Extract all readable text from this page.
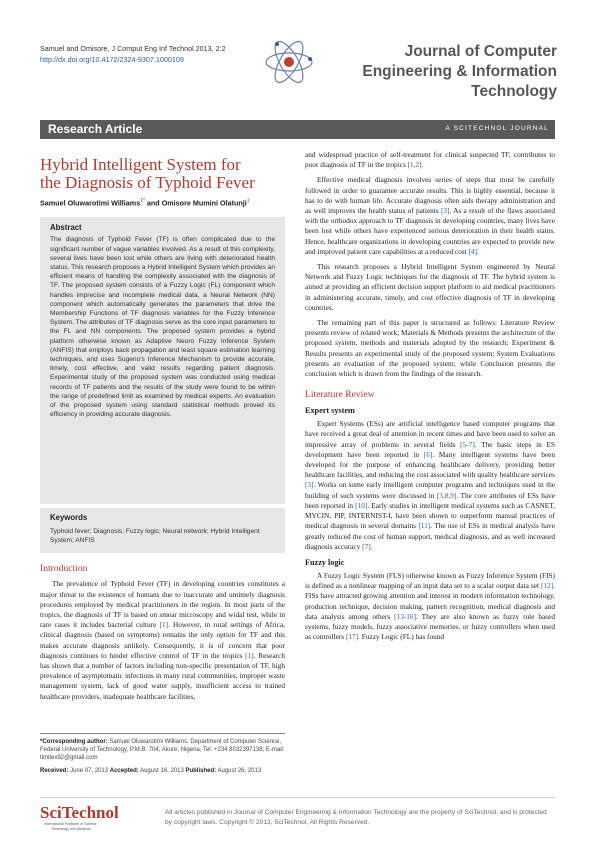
Samuel and Omisore, J Comput Eng Inf Technol 2013, 2:2
http://dx.doi.org/10.4172/2324-9307.1000109	Journal of Computer
Engineering & Information
Technology
Research Article	A SCITECHNOL JOURNAL
Hybrid Intelligent System for
the Diagnosis of Typhoid Fever
Samuel Oluwarotimi Williams$^{1*}$ and Omisore Mumini Olatunji$^1$
Abstract

The diagnosis of Typhoid Fever (TF) is often complicated due to the significant number of vague variables involved. As a result of this complexity, several lives have been lost while others are living with deteriorated health status. This research proposes a Hybrid Intelligent System which provides an efficient means of handling the complexity associated with the diagnosis of TF. The proposed system consists of a Fuzzy Logic (FL) component which handles imprecise and incomplete medical data, a Neural Network (NN) component which automatically generates the parameters that drive the Membership Functions of TF diagnosis variables for the Fuzzy Inference System. The attributes of TF diagnosis serve as the core input parameters to the FL and NN components. The proposed system provides a hybrid platform otherwise known as Adaptive Neuro Fuzzy Inference System (ANFIS) that employs back propagation and least square estimation learning techniques, and uses Sugeno's Inference Mechanism to provide accurate, timely, cost effective, and valid results regarding patient diagnosis. Experimental study of the proposed system was conducted using medical records of TF patients and the results of the study were found to be within the range of predefined limit as examined by medical experts. An evaluation of the proposed system using standard statistical methods proved its efficiency in providing accurate diagnosis.

Keywords

Typhoid fever; Diagnosis; Fuzzy logic; Neural network; Hybrid Intelligent System; ANFIS

Introduction

The prevalence of Typhoid Fever (TF) in developing countries constitutes a major threat to the existence of humans due to inaccurate and untimely diagnosis procedures employed by medical practitioners in the region. In most parts of the tropics, the diagnosis of TF is based on smear microscopy and widal test, while in rare cases it includes bacterial culture [1]. However, in rural settings of Africa, clinical diagnosis (based on symptoms) remains the only option for TF and this makes accurate diagnosis unlikely. Consequently, it is of concern that poor diagnosis continues to hinder effective control of TF in the tropics [1]. Research has shown that a number of factors including non-specific presentation of TF, high prevalence of asymptomatic infections in many rural communities, improper waste management system, lack of good water supply, insufficient access to trained healthcare providers, inadequate healthcare facilities,

and widespread practice of self-treatment for clinical suspected TF, contributes to poor diagnosis of TF in the tropics [1,2].

Effective medical diagnosis involves series of steps that must be carefully followed in order to guarantee accurate results. This is highly essential, because it has to do with human life. Accurate diagnosis often aids therapy administration and as well improves the health status of patients [3]. As a result of the flaws associated with the orthodox approach to TF diagnosis in developing countries, many lives have been lost while others have experienced serious deterioration in their health status. Hence, healthcare organizations in developing countries are expected to provide new and improved patient care capabilities at a reduced cost [4].

This research proposes a Hybrid Intelligent System engineered by Neural Network and Fuzzy Logic techniques for the diagnosis of TF. The hybrid system is aimed at providing an efficient decision support platform to aid medical practitioners in administering accurate, timely, and cost effective diagnosis of TF in developing countries.

The remaining part of this paper is structured as follows: Literature Review presents review of related work; Materials & Methods presents the architecture of the proposed system, methods and materials adopted by the research; Experiment & Results presents an experimental study of the proposed system; System Evaluations presents an evaluation of the proposed system; while Conclusion presents the conclusion which is drawn from the findings of the research.

Literature Review
Expert system

Expert Systems (ESs) are artificial intelligence based computer programs that have received a great deal of attention in recent times and have been used to solve an impressive array of problems in several fields [5-7]. The basic steps in ES development have been reported in [6]. Many intelligent systems have been developed for the purpose of enhancing healthcare delivery, providing better healthcare facilities, and reducing the cost associated with quality healthcare services [3]. Works on some early intelligent computer programs and techniques used in the building of such systems were discussed in [3,8,9]. The core attributes of ESs have been reported in [10]. Early studies in intelligent medical systems such as CASNET, MYCIN, PIP, INTERNIST-I, have been shown to outperform manual practices of medical diagnosis in several domains [11]. The use of ESs in medical analysis have greatly reduced the cost of human support, medical diagnosis, and as well increased diagnosis accuracy [7].

Fuzzy logic

A Fuzzy Logic System (FLS) otherwise known as Fuzzy Inference System (FIS) is defined as a nonlinear mapping of an input data set to a scalar output data set [12]. FISs have attracted growing attention and interest in modern information technology, production technique, decision making, pattern recognition, medical diagnosis and data analysis among others [13-16]. They are also known as fuzzy rule based systems, fuzzy models, fuzzy associative memories, or fuzzy controllers when used as controllers [17]. Fuzzy Logic (FL) has found

*Corresponding author: Samuel Oluwarotimi Williams, Department of Computer Science, Federal University of Technology, P.M.B. 704, Akure, Nigeria, Tel: +234 8032397138; E-mail: timitex92@gmail.com
Received: June 07, 2013 Accepted: August 16, 2013 Published: August 26, 2013
SciTechnol
International Publisher of Science, Technology and Medicine
All articles published in Journal of Computer Engineering & Information Technology are the property of SciTechnol, and is protected by copyright laws. Copyright © 2013, SciTechnol, All Rights Reserved.
